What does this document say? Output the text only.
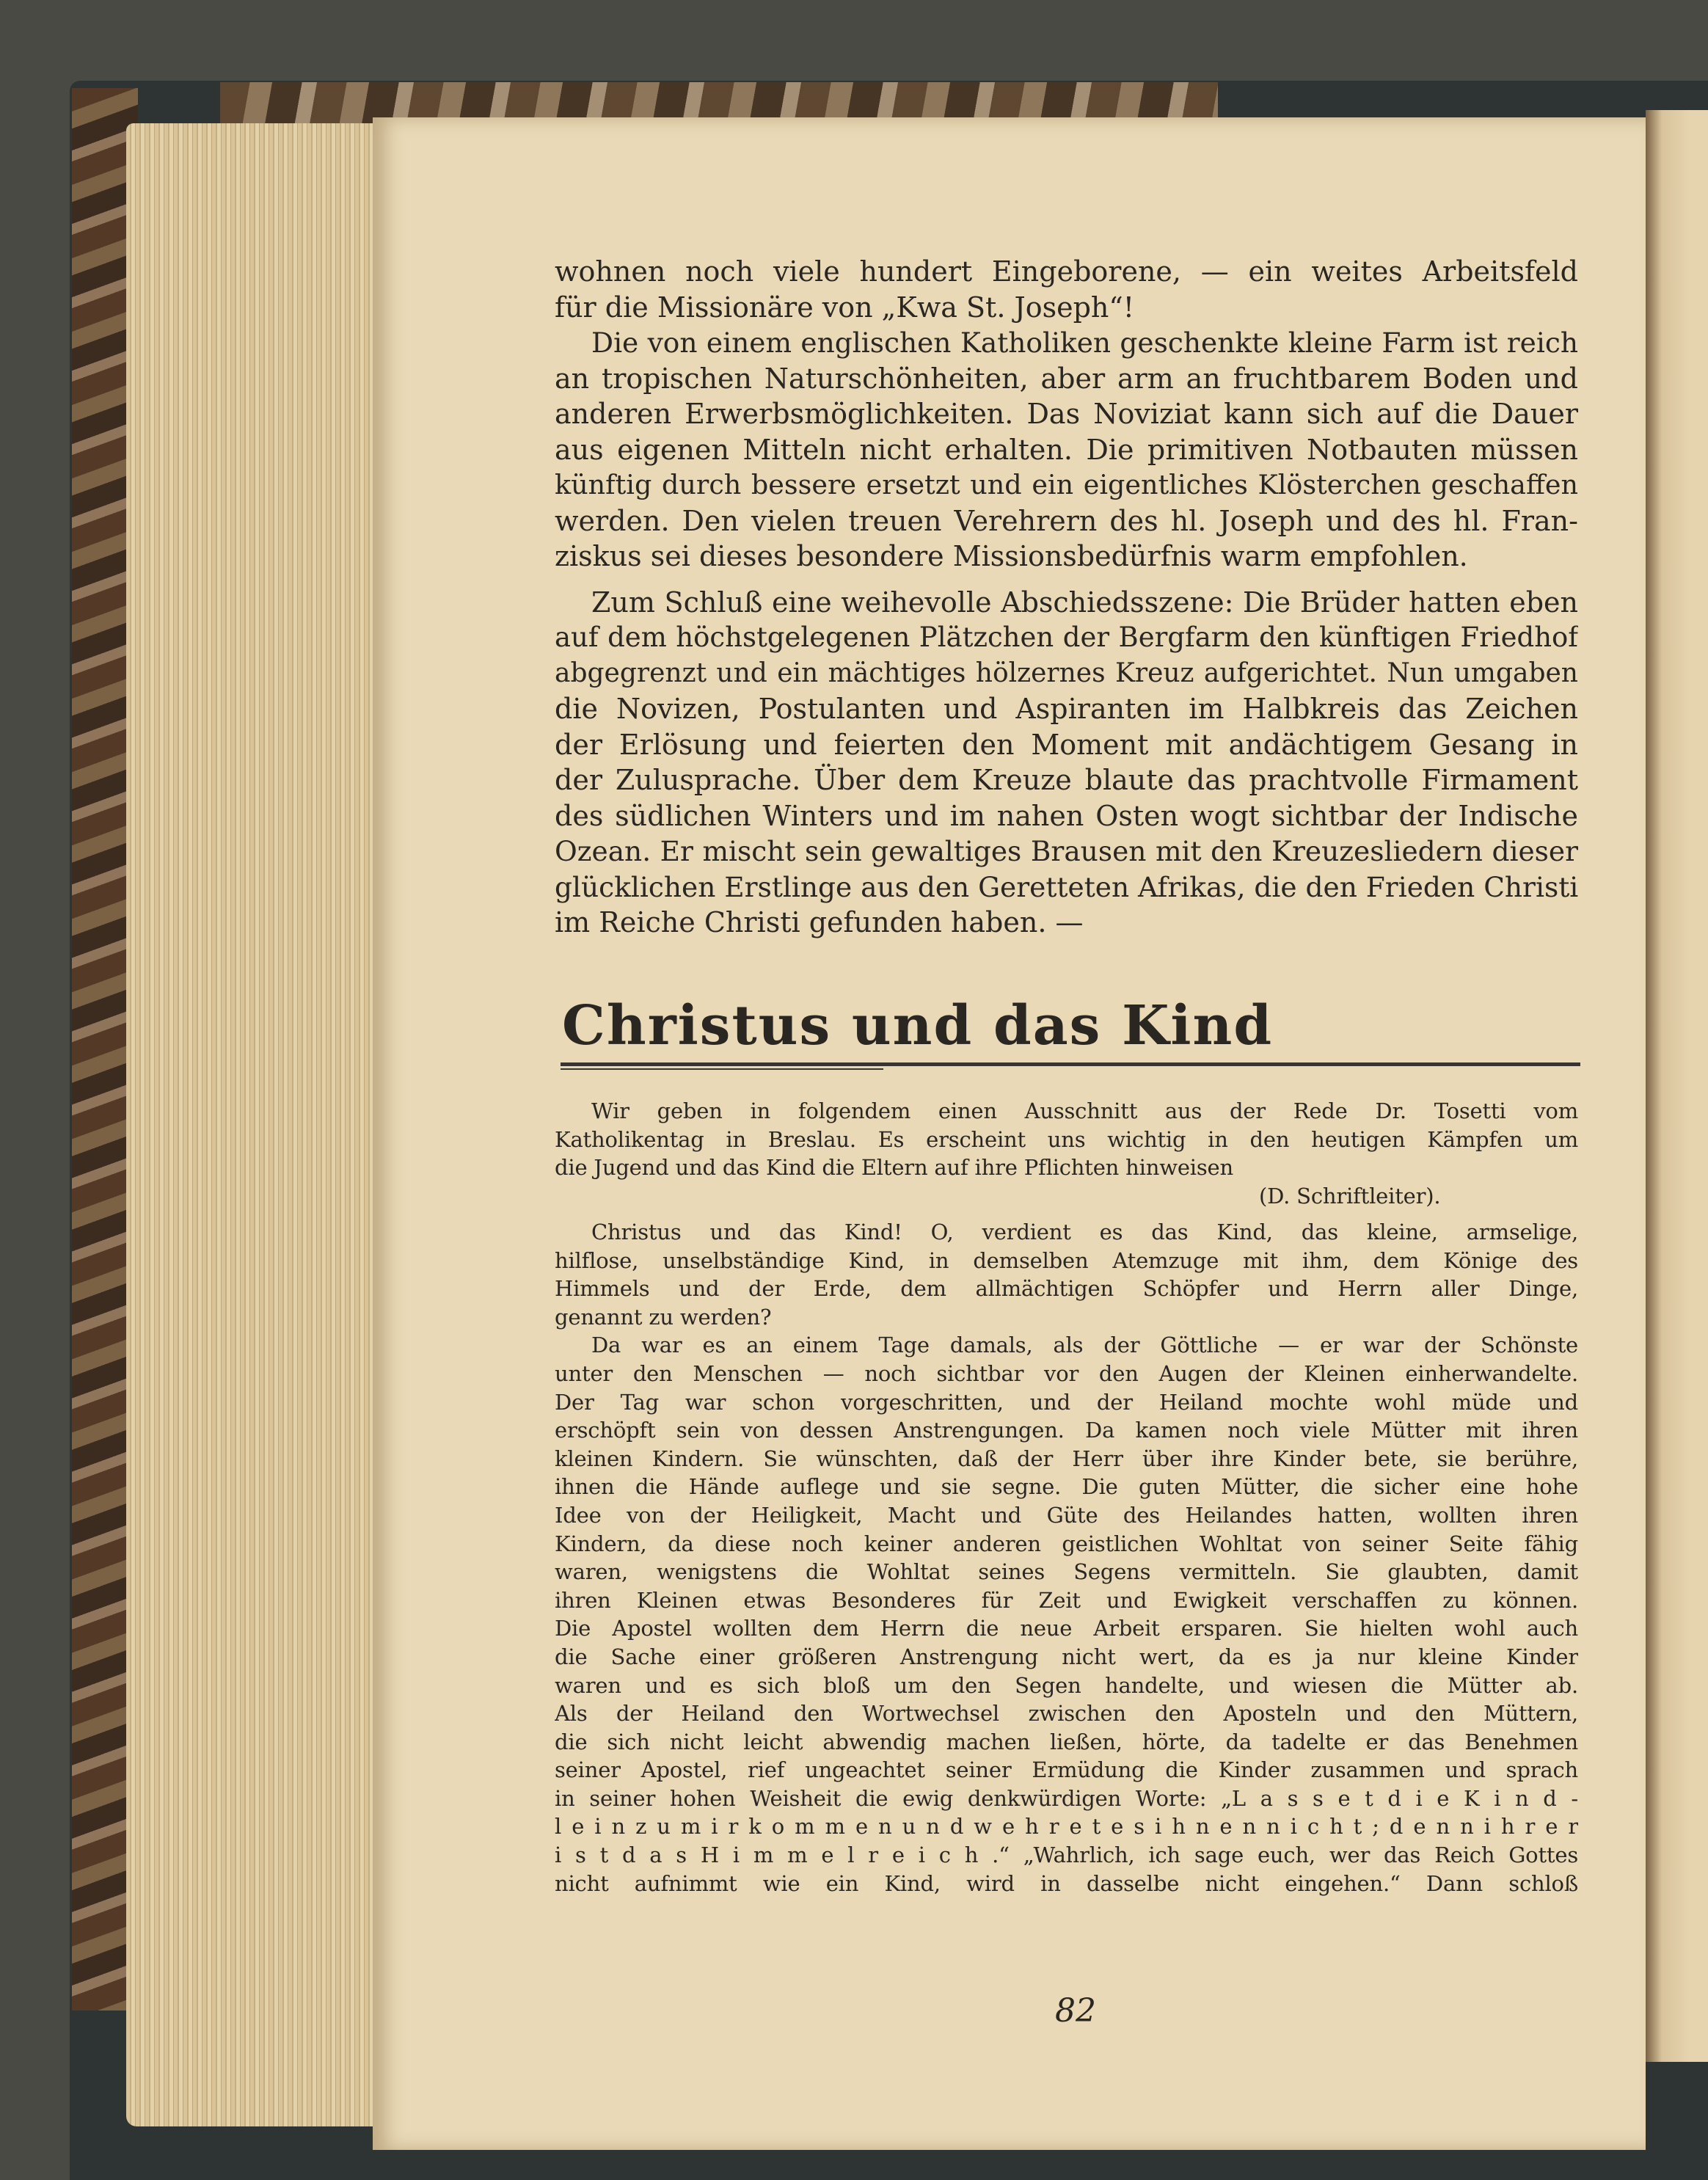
wohnen noch viele hundert Eingeborene, — ein weites Arbeitsfeld
für die Missionäre von „Kwa St. Joseph“!
Die von einem englischen Katholiken geschenkte kleine Farm ist reich
an tropischen Naturschönheiten, aber arm an fruchtbarem Boden und
anderen Erwerbsmöglichkeiten. Das Noviziat kann sich auf die Dauer
aus eigenen Mitteln nicht erhalten. Die primitiven Notbauten müssen
künftig durch bessere ersetzt und ein eigentliches Klösterchen geschaffen
werden. Den vielen treuen Verehrern des hl. Joseph und des hl. Fran-
ziskus sei dieses besondere Missionsbedürfnis warm empfohlen.
Zum Schluß eine weihevolle Abschiedsszene: Die Brüder hatten eben
auf dem höchstgelegenen Plätzchen der Bergfarm den künftigen Friedhof
abgegrenzt und ein mächtiges hölzernes Kreuz aufgerichtet. Nun umgaben
die Novizen, Postulanten und Aspiranten im Halbkreis das Zeichen
der Erlösung und feierten den Moment mit andächtigem Gesang in
der Zulusprache. Über dem Kreuze blaute das prachtvolle Firmament
des südlichen Winters und im nahen Osten wogt sichtbar der Indische
Ozean. Er mischt sein gewaltiges Brausen mit den Kreuzesliedern dieser
glücklichen Erstlinge aus den Geretteten Afrikas, die den Frieden Christi
im Reiche Christi gefunden haben. —
Christus und das Kind
Wir geben in folgendem einen Ausschnitt aus der Rede Dr. Tosetti vom
Katholikentag in Breslau. Es erscheint uns wichtig in den heutigen Kämpfen um
die Jugend und das Kind die Eltern auf ihre Pflichten hinweisen
(D. Schriftleiter).
Christus und das Kind! O, verdient es das Kind, das kleine, armselige,
hilflose, unselbständige Kind, in demselben Atemzuge mit ihm, dem Könige des
Himmels und der Erde, dem allmächtigen Schöpfer und Herrn aller Dinge,
genannt zu werden?
Da war es an einem Tage damals, als der Göttliche — er war der Schönste
unter den Menschen — noch sichtbar vor den Augen der Kleinen einherwandelte.
Der Tag war schon vorgeschritten, und der Heiland mochte wohl müde und
erschöpft sein von dessen Anstrengungen. Da kamen noch viele Mütter mit ihren
kleinen Kindern. Sie wünschten, daß der Herr über ihre Kinder bete, sie berühre,
ihnen die Hände auflege und sie segne. Die guten Mütter, die sicher eine hohe
Idee von der Heiligkeit, Macht und Güte des Heilandes hatten, wollten ihren
Kindern, da diese noch keiner anderen geistlichen Wohltat von seiner Seite fähig
waren, wenigstens die Wohltat seines Segens vermitteln. Sie glaubten, damit
ihren Kleinen etwas Besonderes für Zeit und Ewigkeit verschaffen zu können.
Die Apostel wollten dem Herrn die neue Arbeit ersparen. Sie hielten wohl auch
die Sache einer größeren Anstrengung nicht wert, da es ja nur kleine Kinder
waren und es sich bloß um den Segen handelte, und wiesen die Mütter ab.
Als der Heiland den Wortwechsel zwischen den Aposteln und den Müttern,
die sich nicht leicht abwendig machen ließen, hörte, da tadelte er das Benehmen
seiner Apostel, rief ungeachtet seiner Ermüdung die Kinder zusammen und sprach
in seiner hohen Weisheit die ewig denkwürdigen Worte: „L a s s e t d i e K i n d -
l e i n z u m i r k o m m e n u n d w e h r e t e s i h n e n n i c h t ; d e n n i h r e r
i s t d a s H i m m e l r e i c h .“ „Wahrlich, ich sage euch, wer das Reich Gottes
nicht aufnimmt wie ein Kind, wird in dasselbe nicht eingehen.“ Dann schloß
82
